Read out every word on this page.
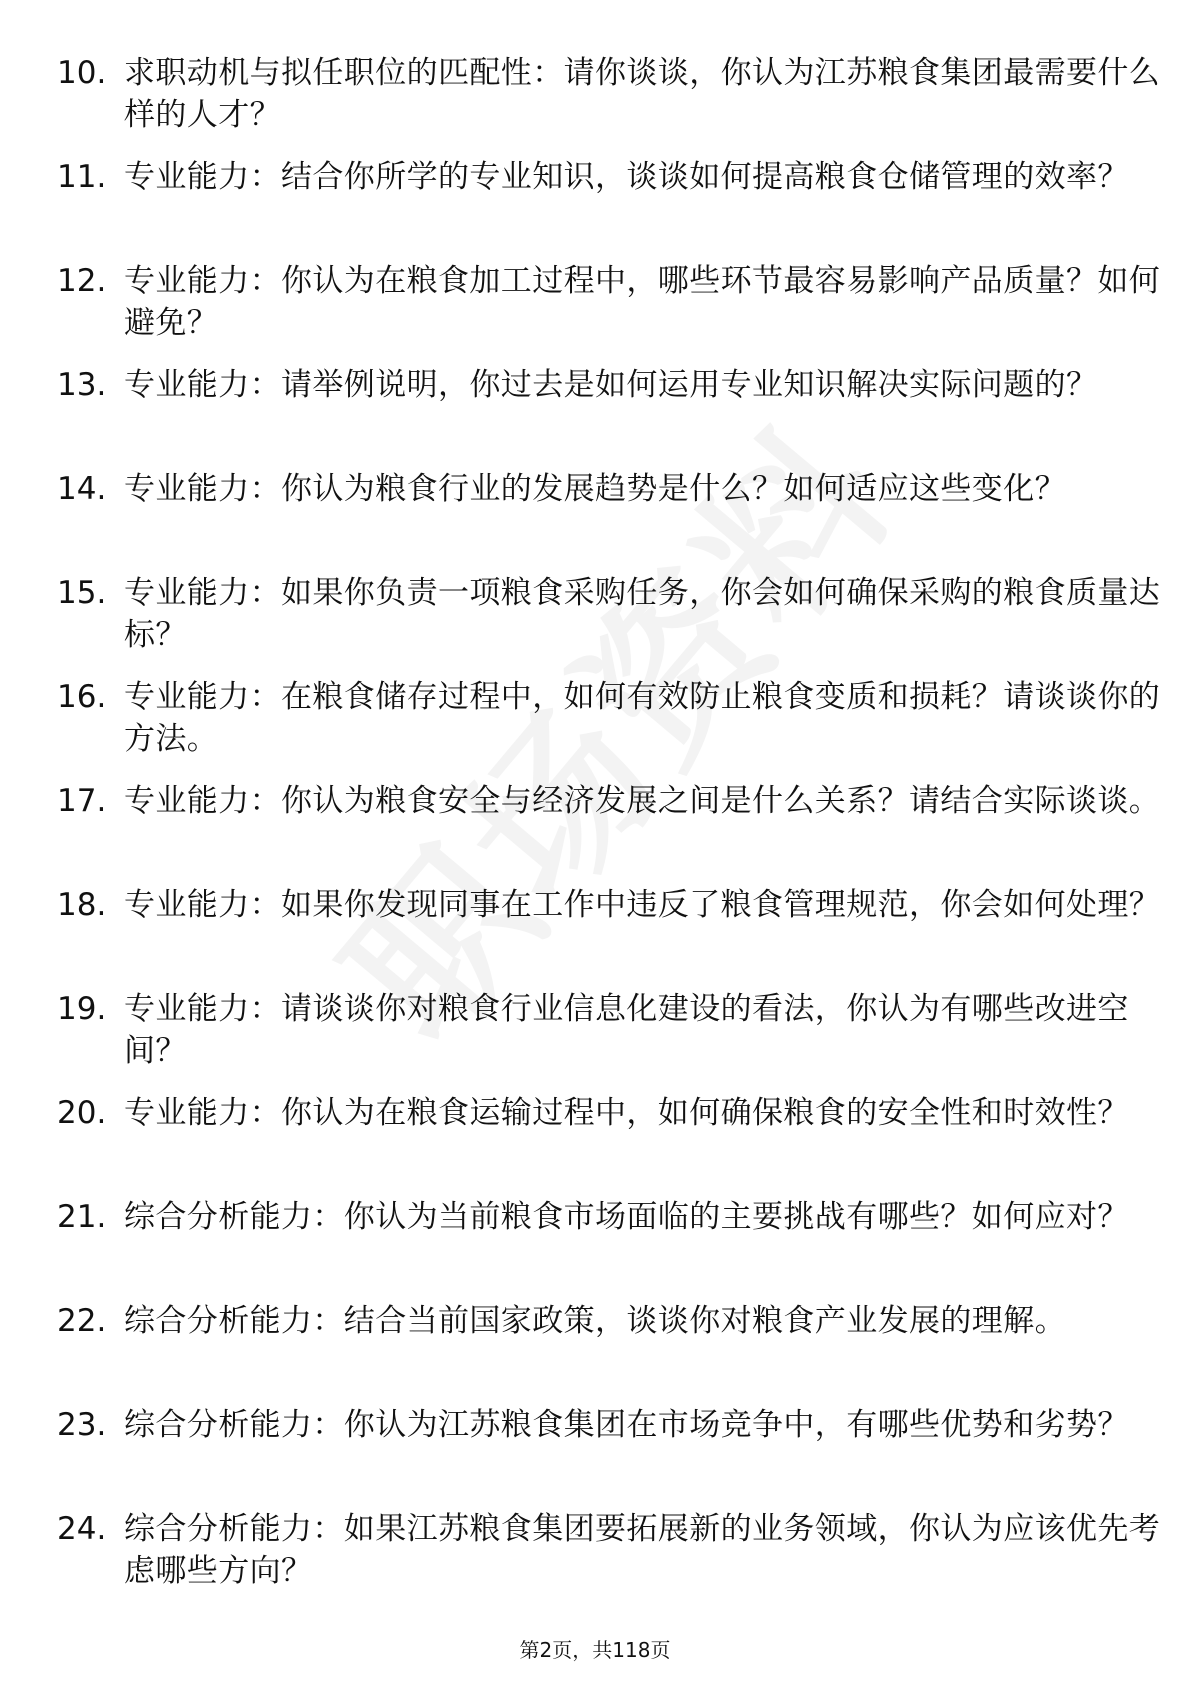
10. 求职动机与拟任职位的匹配性：请你谈谈，你认为江苏粮食集团最需要什么样的人才？
11. 专业能力：结合你所学的专业知识，谈谈如何提高粮食仓储管理的效率？
12. 专业能力：你认为在粮食加工过程中，哪些环节最容易影响产品质量？如何避免？
13. 专业能力：请举例说明，你过去是如何运用专业知识解决实际问题的？
14. 专业能力：你认为粮食行业的发展趋势是什么？如何适应这些变化？
15. 专业能力：如果你负责一项粮食采购任务，你会如何确保采购的粮食质量达标？
16. 专业能力：在粮食储存过程中，如何有效防止粮食变质和损耗？请谈谈你的方法。
17. 专业能力：你认为粮食安全与经济发展之间是什么关系？请结合实际谈谈。
18. 专业能力：如果你发现同事在工作中违反了粮食管理规范，你会如何处理？
19. 专业能力：请谈谈你对粮食行业信息化建设的看法，你认为有哪些改进空间？
20. 专业能力：你认为在粮食运输过程中，如何确保粮食的安全性和时效性？
21. 综合分析能力：你认为当前粮食市场面临的主要挑战有哪些？如何应对？
22. 综合分析能力：结合当前国家政策，谈谈你对粮食产业发展的理解。
23. 综合分析能力：你认为江苏粮食集团在市场竞争中，有哪些优势和劣势？
24. 综合分析能力：如果江苏粮食集团要拓展新的业务领域，你认为应该优先考虑哪些方向？
第2页，共118页
